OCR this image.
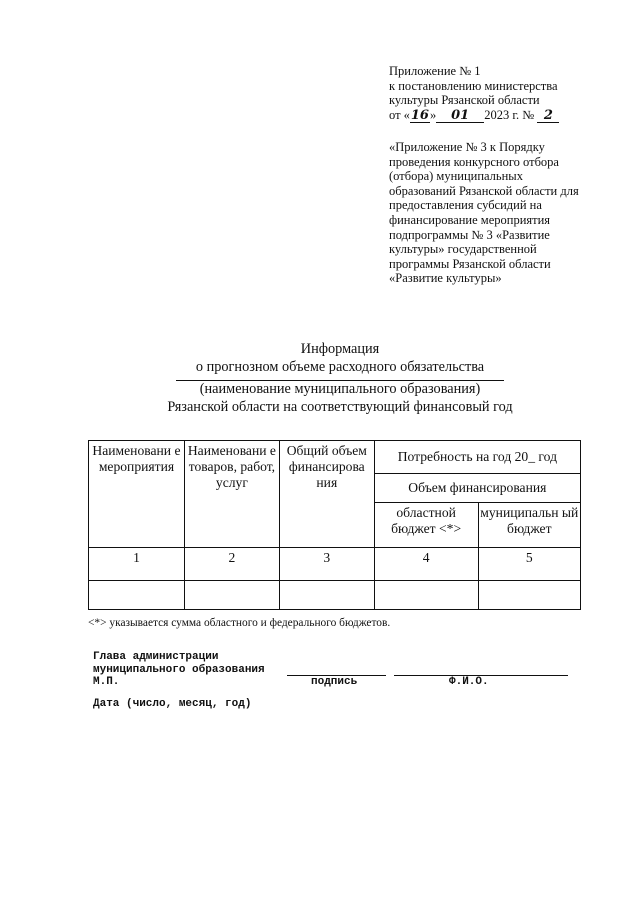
Приложение № 1
к постановлению министерства
культуры Рязанской области
от «16» 01 2023 г. № 2
«Приложение № 3 к Порядку
проведения конкурсного отбора
(отбора) муниципальных
образований Рязанской области для
предоставления субсидий на
финансирование мероприятия
подпрограммы № 3 «Развитие
культуры» государственной
программы Рязанской области
«Развитие культуры»
Информация
о прогнозном объеме расходного обязательства
(наименование муниципального образования)
Рязанской области на соответствующий финансовый год
Наименовани е мероприятия	Наименовани е товаров, работ, услуг	Общий объем финансирова ния	Потребность на год 20_ год	
			Объем финансирования	
			областной бюджет <*>	муниципальн ый бюджет
1	2	3	4	5

<*> указывается сумма областного и федерального бюджетов.
Глава администрации
муниципального образования
М.П.	подпись	Ф.И.О.
Дата (число, месяц, год)
